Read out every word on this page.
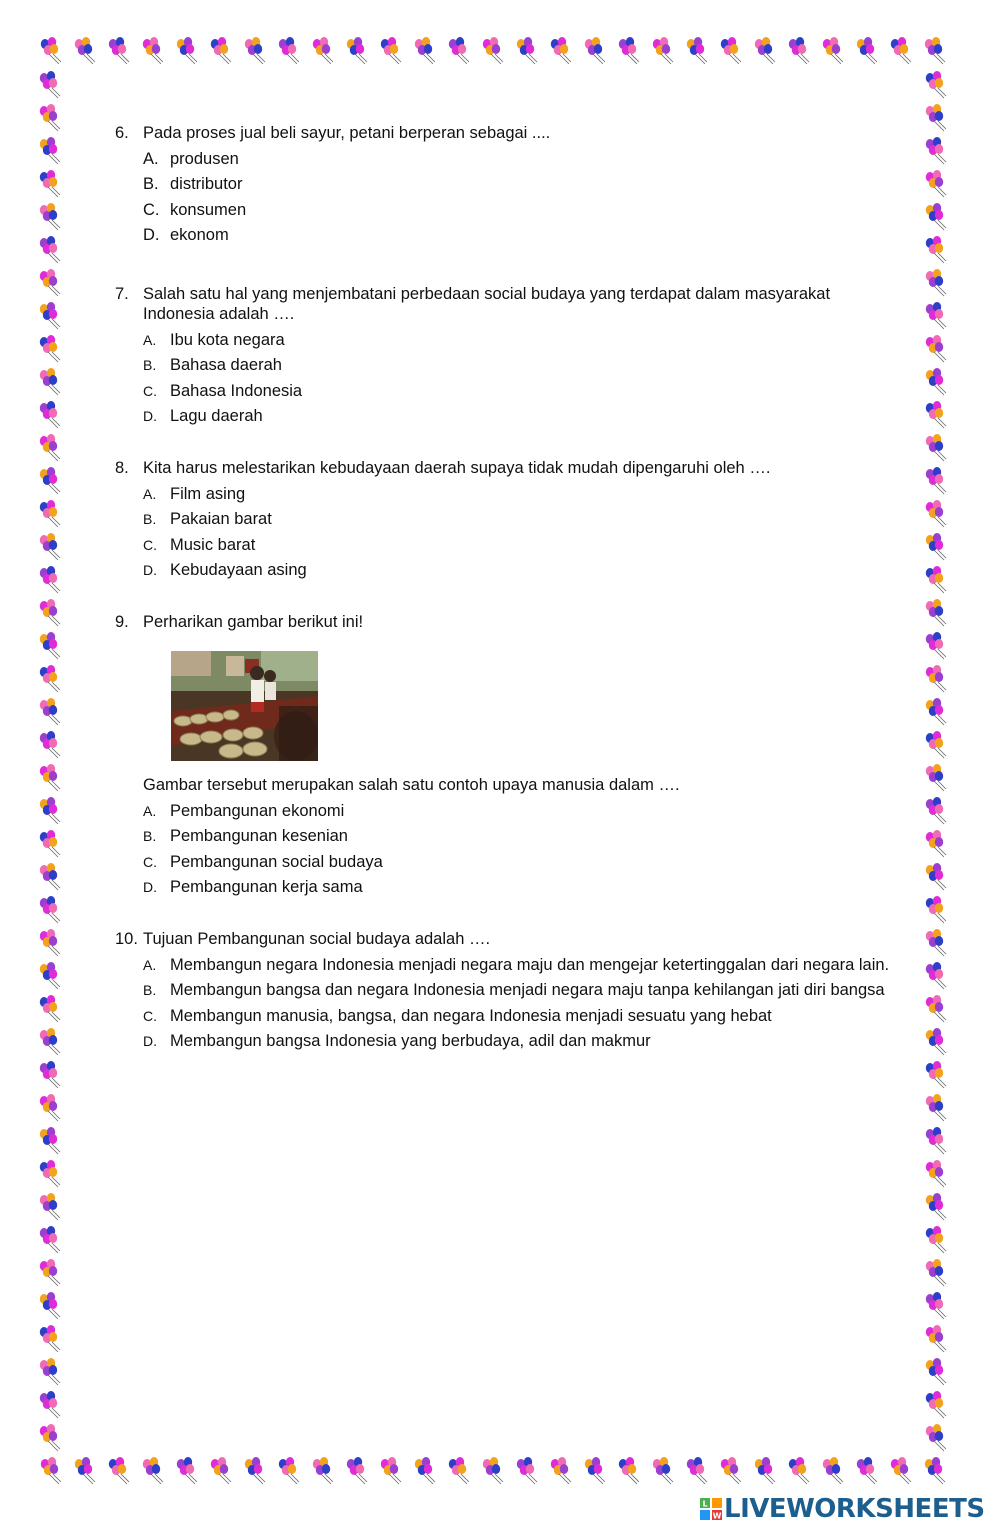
6. Pada proses jual beli sayur, petani berperan sebagai ....
A. produsen
B. distributor
C. konsumen
D. ekonom
7. Salah satu hal yang menjembatani perbedaan social budaya yang terdapat dalam masyarakat Indonesia adalah ….
A. Ibu kota negara
B. Bahasa daerah
C. Bahasa Indonesia
D. Lagu daerah
8. Kita harus melestarikan kebudayaan daerah supaya tidak mudah dipengaruhi oleh ….
A. Film asing
B. Pakaian barat
C. Music barat
D. Kebudayaan asing
9. Perharikan gambar berikut ini!
Gambar tersebut merupakan salah satu contoh upaya manusia dalam ….
A. Pembangunan ekonomi
B. Pembangunan kesenian
C. Pembangunan social budaya
D. Pembangunan kerja sama
10. Tujuan Pembangunan social budaya adalah ….
A. Membangun negara Indonesia menjadi negara maju dan mengejar ketertinggalan dari negara lain.
B. Membangun bangsa dan negara Indonesia menjadi negara maju tanpa kehilangan jati diri bangsa
C. Membangun manusia, bangsa, dan negara Indonesia menjadi sesuatu yang hebat
D. Membangun bangsa Indonesia yang berbudaya, adil dan makmur
L
W LIVEWORKSHEETS
